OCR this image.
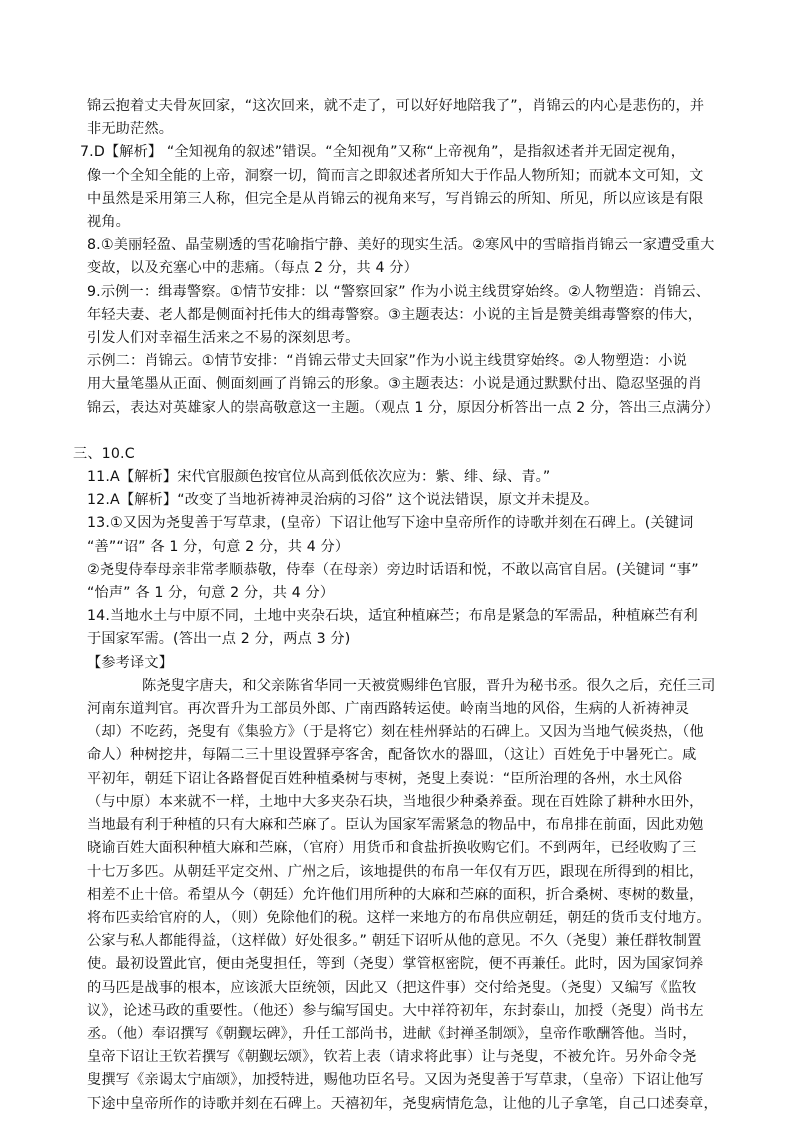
锦云抱着丈夫骨灰回家，“这次回来，就不走了，可以好好地陪我了”，肖锦云的内心是悲伤的，并

非无助茫然。

7.D【解析】 “全知视角的叙述”错误。“全知视角”又称“上帝视角”，是指叙述者并无固定视角，

像一个全知全能的上帝，洞察一切，简而言之即叙述者所知大于作品人物所知；而就本文可知，文

中虽然是采用第三人称，但完全是从肖锦云的视角来写，写肖锦云的所知、所见，所以应该是有限

视角。

8.①美丽轻盈、晶莹剔透的雪花喻指宁静、美好的现实生活。②寒风中的雪暗指肖锦云一家遭受重大

变故，以及充塞心中的悲痛。（每点 2 分，共 4 分）

9.示例一：缉毒警察。①情节安排：以 “警察回家” 作为小说主线贯穿始终。②人物塑造：肖锦云、

年轻夫妻、老人都是侧面衬托伟大的缉毒警察。③主题表达：小说的主旨是赞美缉毒警察的伟大，

引发人们对幸福生活来之不易的深刻思考。

示例二：肖锦云。①情节安排：“肖锦云带丈夫回家”作为小说主线贯穿始终。②人物塑造：小说

用大量笔墨从正面、侧面刻画了肖锦云的形象。③主题表达：小说是通过默默付出、隐忍坚强的肖

锦云，表达对英雄家人的崇高敬意这一主题。（观点 1 分，原因分析答出一点 2 分，答出三点满分）

三、10.C

11.A【解析】宋代官服颜色按官位从高到低依次应为：紫、绯、绿、青。”

12.A【解析】“改变了当地祈祷神灵治病的习俗” 这个说法错误，原文并未提及。

13.①又因为尧叟善于写草隶，(皇帝）下诏让他写下途中皇帝所作的诗歌并刻在石碑上。(关键词

“善”“诏” 各 1 分，句意 2 分，共 4 分）

②尧叟侍奉母亲非常孝顺恭敬，侍奉（在母亲）旁边时话语和悦，不敢以高官自居。(关键词 “事”

“怡声” 各 1 分，句意 2 分，共 4 分）

14.当地水土与中原不同，土地中夹杂石块，适宜种植麻苎；布帛是紧急的军需品，种植麻苎有利

于国家军需。(答出一点 2 分，两点 3 分)

【参考译文】

陈尧叟字唐夫，和父亲陈省华同一天被赏赐绯色官服，晋升为秘书丞。很久之后，充任三司

河南东道判官。再次晋升为工部员外郎、广南西路转运使。岭南当地的风俗，生病的人祈祷神灵

（却）不吃药，尧叟有《集验方》（于是将它）刻在桂州驿站的石碑上。又因为当地气候炎热，（他

命人）种树挖井，每隔二三十里设置驿亭客舍，配备饮水的器皿，（这让）百姓免于中暑死亡。咸

平初年，朝廷下诏让各路督促百姓种植桑树与枣树，尧叟上奏说：“臣所治理的各州，水土风俗

（与中原）本来就不一样，土地中大多夹杂石块，当地很少种桑养蚕。现在百姓除了耕种水田外，

当地最有利于种植的只有大麻和苎麻了。臣认为国家军需紧急的物品中，布帛排在前面，因此劝勉

晓谕百姓大面积种植大麻和苎麻，（官府）用货币和食盐折换收购它们。不到两年，已经收购了三

十七万多匹。从朝廷平定交州、广州之后，该地提供的布帛一年仅有万匹，跟现在所得到的相比，

相差不止十倍。希望从今（朝廷）允许他们用所种的大麻和苎麻的面积，折合桑树、枣树的数量，

将布匹卖给官府的人，（则）免除他们的税。这样一来地方的布帛供应朝廷，朝廷的货币支付地方。

公家与私人都能得益，（这样做）好处很多。” 朝廷下诏听从他的意见。不久（尧叟）兼任群牧制置

使。最初设置此官，便由尧叟担任，等到（尧叟）掌管枢密院，便不再兼任。此时，因为国家饲养

的马匹是战事的根本，应该派大臣统领，因此又（把这件事）交付给尧叟。（尧叟）又编写《监牧

议》，论述马政的重要性。（他还）参与编写国史。大中祥符初年，东封泰山，加授（尧叟）尚书左

丞。（他）奉诏撰写《朝觐坛碑》，升任工部尚书，进献《封禅圣制颂》，皇帝作歌酬答他。当时，

皇帝下诏让王钦若撰写《朝觐坛颂》，钦若上表（请求将此事）让与尧叟，不被允许。另外命令尧

叟撰写《亲谒太宁庙颂》，加授特进，赐他功臣名号。又因为尧叟善于写草隶，（皇帝）下诏让他写

下途中皇帝所作的诗歌并刻在石碑上。天禧初年，尧叟病情危急，让他的儿子拿笔，自己口述奏章，
